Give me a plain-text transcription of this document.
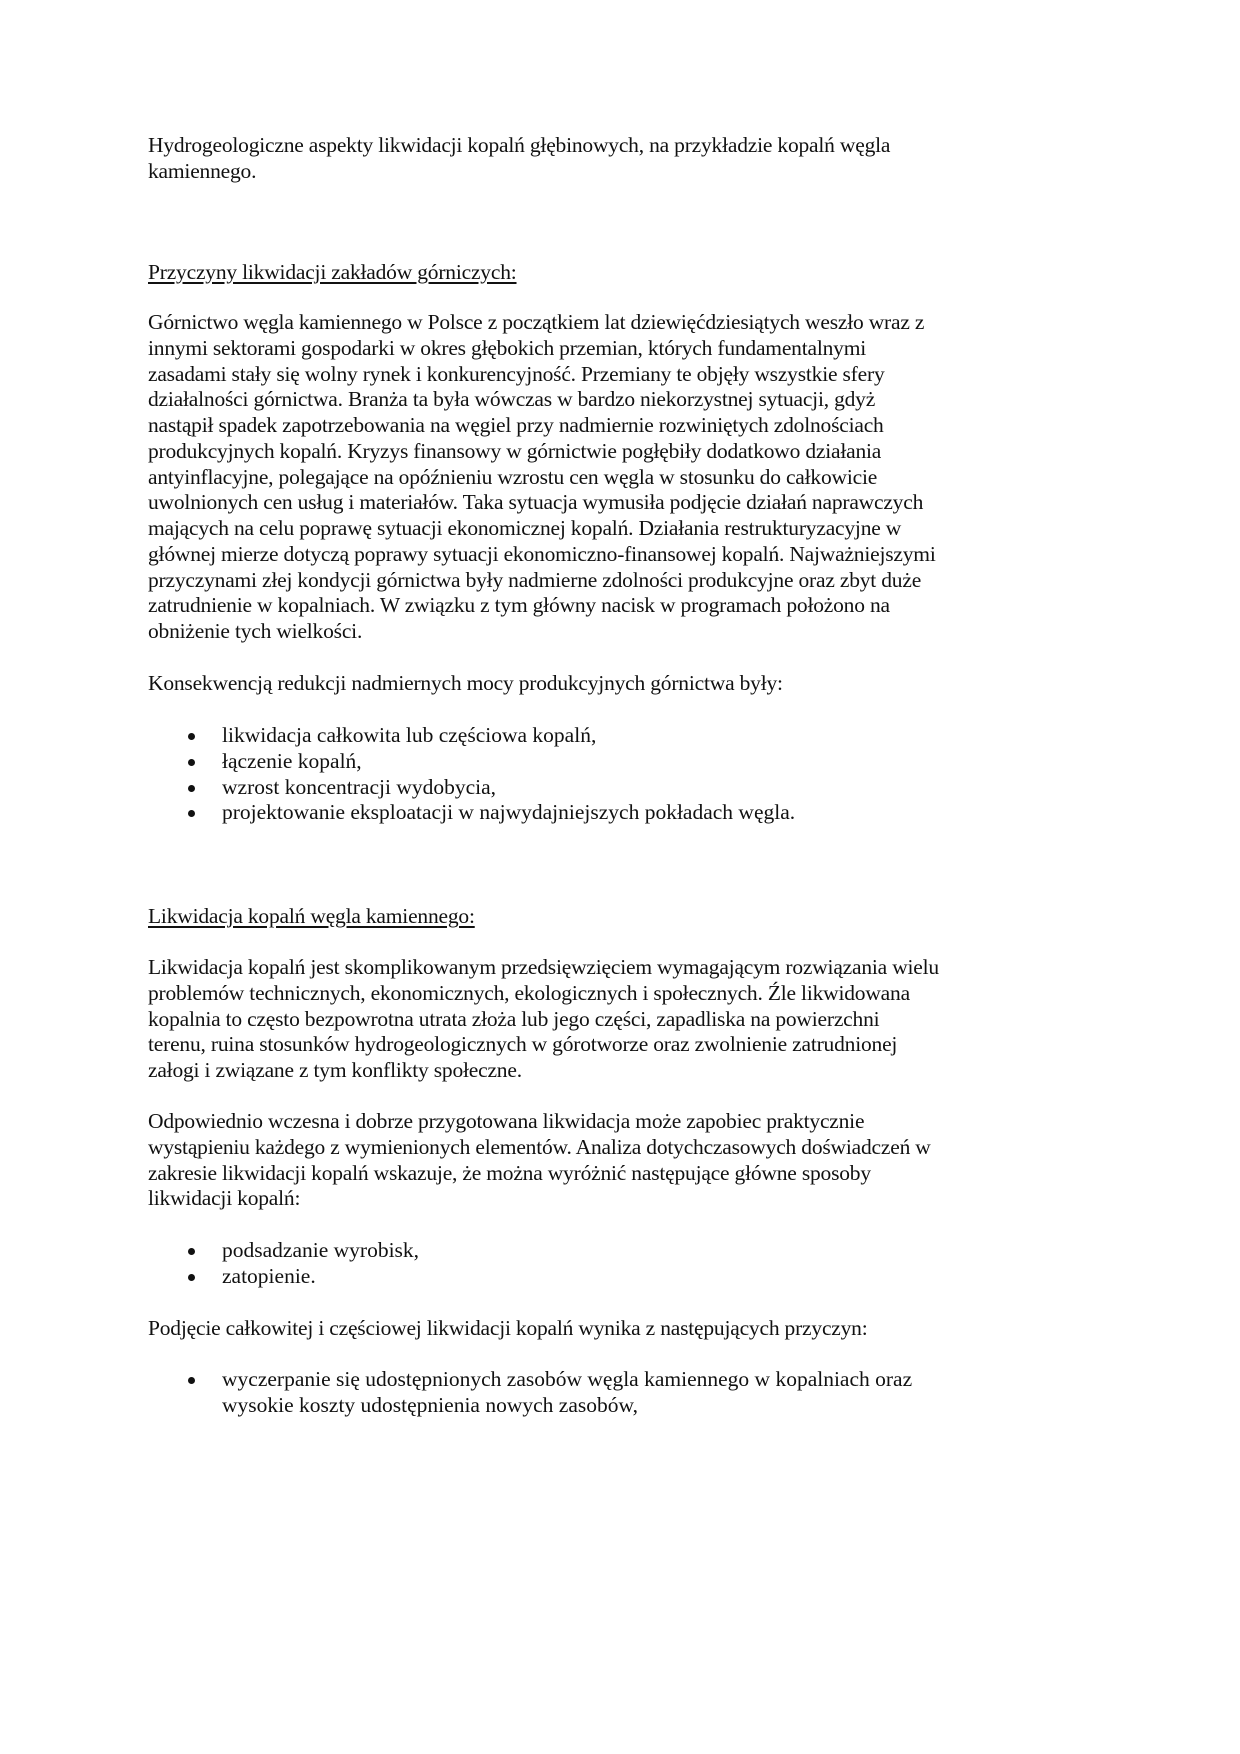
Hydrogeologiczne aspekty likwidacji kopalń głębinowych, na przykładzie kopalń węgla
kamiennego.
Przyczyny likwidacji zakładów górniczych:
Górnictwo węgla kamiennego w Polsce z początkiem lat dziewięćdziesiątych weszło wraz z
innymi sektorami gospodarki w okres głębokich przemian, których fundamentalnymi
zasadami stały się wolny rynek i konkurencyjność. Przemiany te objęły wszystkie sfery
działalności górnictwa. Branża ta była wówczas w bardzo niekorzystnej sytuacji, gdyż
nastąpił spadek zapotrzebowania na węgiel przy nadmiernie rozwiniętych zdolnościach
produkcyjnych kopalń. Kryzys finansowy w górnictwie pogłębiły dodatkowo działania
antyinflacyjne, polegające na opóźnieniu wzrostu cen węgla w stosunku do całkowicie
uwolnionych cen usług i materiałów. Taka sytuacja wymusiła podjęcie działań naprawczych
mających na celu poprawę sytuacji ekonomicznej kopalń. Działania restrukturyzacyjne w
głównej mierze dotyczą poprawy sytuacji ekonomiczno-finansowej kopalń. Najważniejszymi
przyczynami złej kondycji górnictwa były nadmierne zdolności produkcyjne oraz zbyt duże
zatrudnienie w kopalniach. W związku z tym główny nacisk w programach położono na
obniżenie tych wielkości.
Konsekwencją redukcji nadmiernych mocy produkcyjnych górnictwa były:
likwidacja całkowita lub częściowa kopalń,
łączenie kopalń,
wzrost koncentracji wydobycia,
projektowanie eksploatacji w najwydajniejszych pokładach węgla.
Likwidacja kopalń węgla kamiennego:
Likwidacja kopalń jest skomplikowanym przedsięwzięciem wymagającym rozwiązania wielu
problemów technicznych, ekonomicznych, ekologicznych i społecznych. Źle likwidowana
kopalnia to często bezpowrotna utrata złoża lub jego części, zapadliska na powierzchni
terenu, ruina stosunków hydrogeologicznych w górotworze oraz zwolnienie zatrudnionej
załogi i związane z tym konflikty społeczne.
Odpowiednio wczesna i dobrze przygotowana likwidacja może zapobiec praktycznie
wystąpieniu każdego z wymienionych elementów. Analiza dotychczasowych doświadczeń w
zakresie likwidacji kopalń wskazuje, że można wyróżnić następujące główne sposoby
likwidacji kopalń:
podsadzanie wyrobisk,
zatopienie.
Podjęcie całkowitej i częściowej likwidacji kopalń wynika z następujących przyczyn:
wyczerpanie się udostępnionych zasobów węgla kamiennego w kopalniach oraz
wysokie koszty udostępnienia nowych zasobów,
